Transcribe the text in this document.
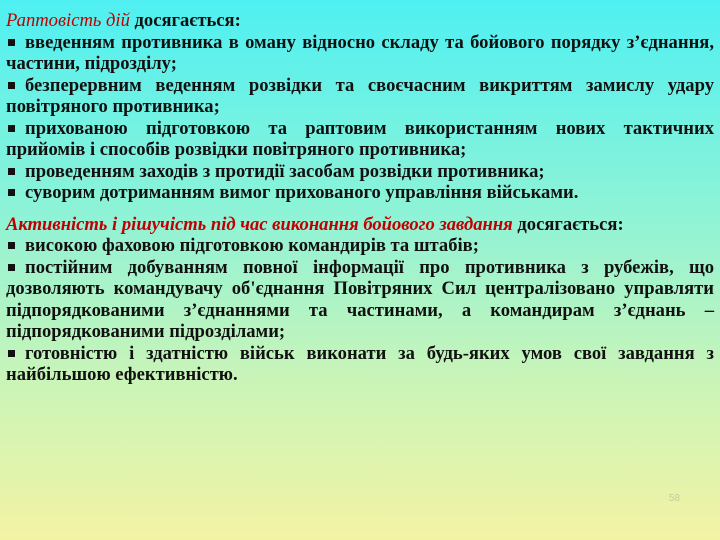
Раптовість дій досягається:

введенням противника в оману відносно складу та бойового порядку з’єднання, частини, підрозділу;

безперервним веденням розвідки та своєчасним викриттям замислу удару повітряного противника;

прихованою підготовкою та раптовим використанням нових тактичних прийомів і способів розвідки повітряного противника;

проведенням заходів з протидії засобам розвідки противника;

суворим дотриманням вимог прихованого управління військами.

Активність і рішучість під час виконання бойового завдання досягається:

високою фаховою підготовкою командирів та штабів;

постійним добуванням повної інформації про противника з рубежів, що дозволяють командувачу об'єднання Повітряних Сил централізовано управляти підпорядкованими з’єднаннями та частинами, а командирам з’єднань – підпорядкованими підрозділами;

готовністю і здатністю військ виконати за будь-яких умов свої завдання з найбільшою ефективністю.

58
